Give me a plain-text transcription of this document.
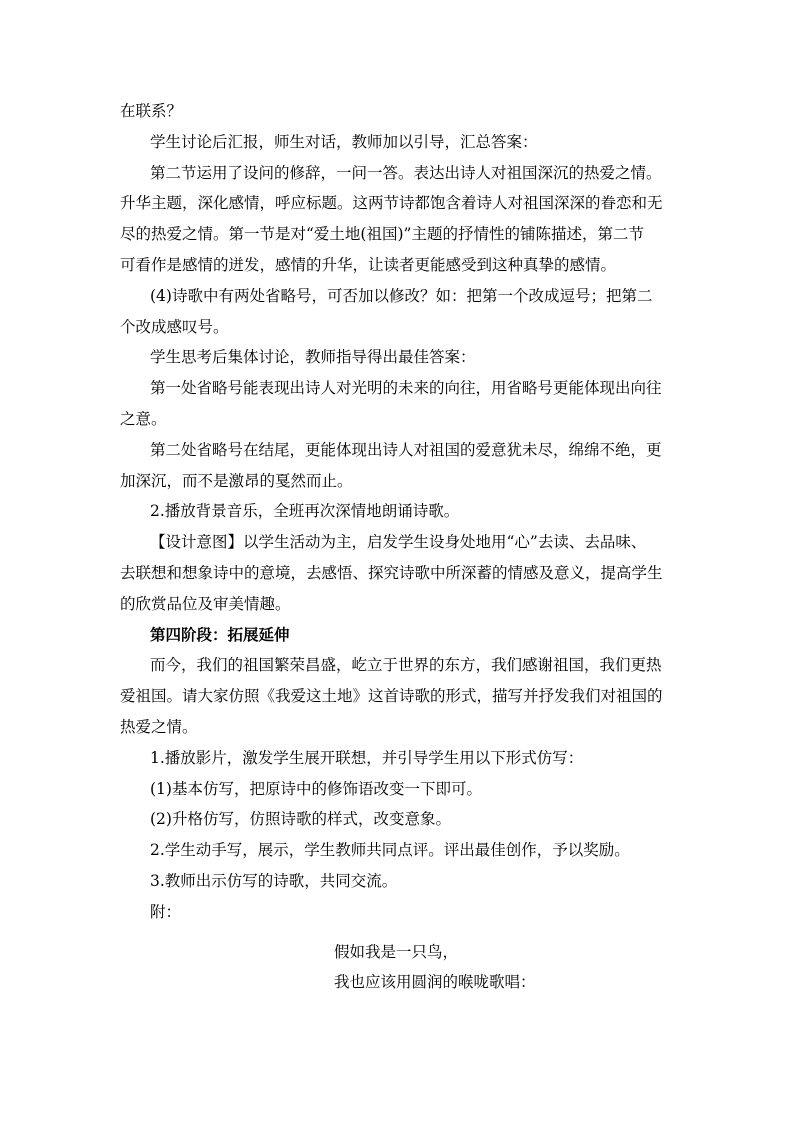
在联系？
学生讨论后汇报，师生对话，教师加以引导，汇总答案：
第二节运用了设问的修辞，一问一答。表达出诗人对祖国深沉的热爱之情。
升华主题，深化感情，呼应标题。这两节诗都饱含着诗人对祖国深深的眷恋和无
尽的热爱之情。第一节是对“爱土地(祖国)”主题的抒情性的铺陈描述，第二节
可看作是感情的迸发，感情的升华，让读者更能感受到这种真挚的感情。
(4)诗歌中有两处省略号，可否加以修改？如：把第一个改成逗号；把第二
个改成感叹号。
学生思考后集体讨论，教师指导得出最佳答案：
第一处省略号能表现出诗人对光明的未来的向往，用省略号更能体现出向往
之意。
第二处省略号在结尾，更能体现出诗人对祖国的爱意犹未尽，绵绵不绝，更
加深沉，而不是激昂的戛然而止。
2.播放背景音乐，全班再次深情地朗诵诗歌。
【设计意图】以学生活动为主，启发学生设身处地用“心”去读、去品味、
去联想和想象诗中的意境，去感悟、探究诗歌中所深蓄的情感及意义，提高学生
的欣赏品位及审美情趣。
第四阶段：拓展延伸
而今，我们的祖国繁荣昌盛，屹立于世界的东方，我们感谢祖国，我们更热
爱祖国。请大家仿照《我爱这土地》这首诗歌的形式，描写并抒发我们对祖国的
热爱之情。
1.播放影片，激发学生展开联想，并引导学生用以下形式仿写：
(1)基本仿写，把原诗中的修饰语改变一下即可。
(2)升格仿写，仿照诗歌的样式，改变意象。
2.学生动手写，展示，学生教师共同点评。评出最佳创作，予以奖励。
3.教师出示仿写的诗歌，共同交流。
附：
假如我是一只鸟，
我也应该用圆润的喉咙歌唱：
